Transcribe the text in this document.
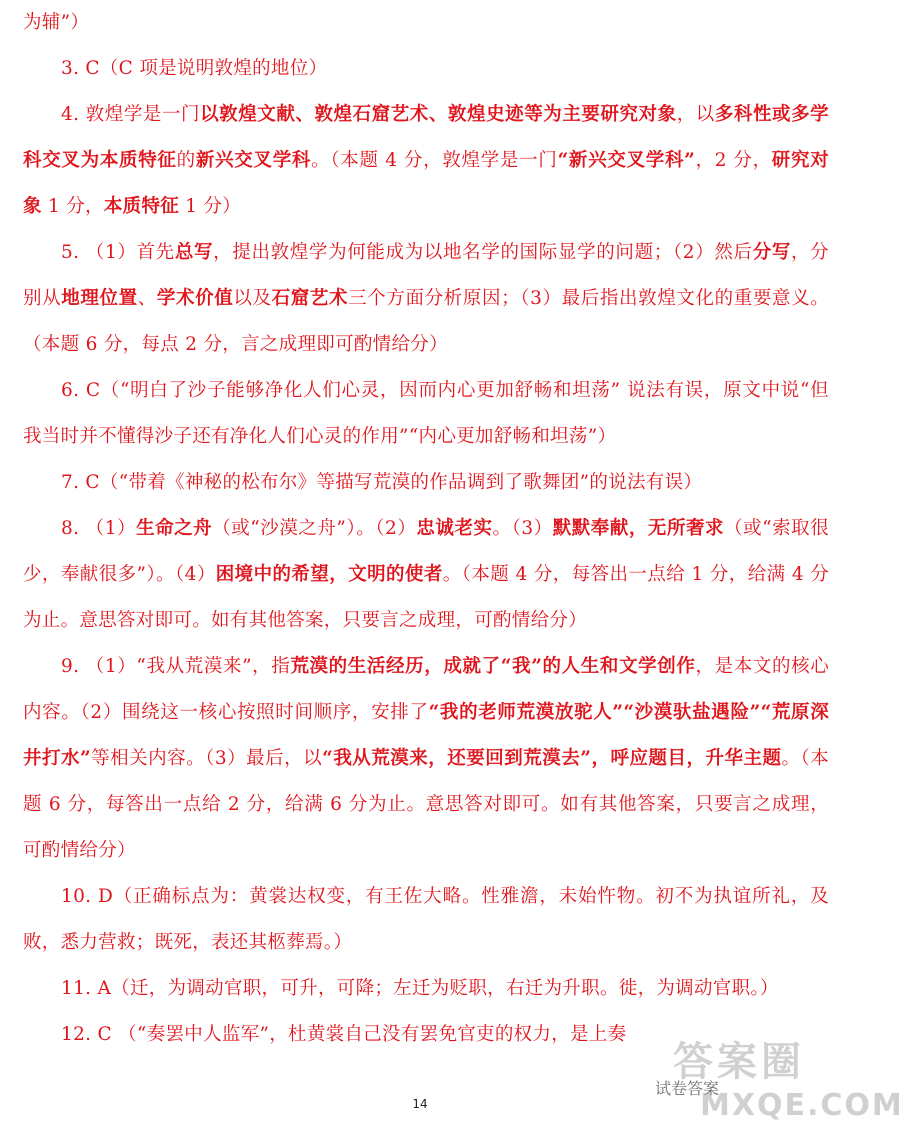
为辅”）

3. C（C 项是说明敦煌的地位）

4. 敦煌学是一门以敦煌文献、敦煌石窟艺术、敦煌史迹等为主要研究对象，以多科性或多学科交叉为本质特征的新兴交叉学科。（本题 4 分，敦煌学是一门“新兴交叉学科”，2 分，研究对象 1 分，本质特征 1 分）

5. （1）首先总写，提出敦煌学为何能成为以地名学的国际显学的问题；（2）然后分写，分别从地理位置、学术价值以及石窟艺术三个方面分析原因；（3）最后指出敦煌文化的重要意义。（本题 6 分，每点 2 分，言之成理即可酌情给分）

6. C（“明白了沙子能够净化人们心灵，因而内心更加舒畅和坦荡” 说法有误，原文中说“但我当时并不懂得沙子还有净化人们心灵的作用”“内心更加舒畅和坦荡”）

7. C（“带着《神秘的松布尔》等描写荒漠的作品调到了歌舞团”的说法有误）

8. （1）生命之舟（或“沙漠之舟”）。（2）忠诚老实。（3）默默奉献，无所奢求（或“索取很少，奉献很多”）。（4）困境中的希望，文明的使者。（本题 4 分，每答出一点给 1 分，给满 4 分为止。意思答对即可。如有其他答案，只要言之成理，可酌情给分）

9. （1）“我从荒漠来”，指荒漠的生活经历，成就了“我”的人生和文学创作，是本文的核心内容。（2）围绕这一核心按照时间顺序，安排了“我的老师荒漠放驼人”“沙漠驮盐遇险”“荒原深井打水”等相关内容。（3）最后，以“我从荒漠来，还要回到荒漠去”，呼应题目，升华主题。（本题 6 分，每答出一点给 2 分，给满 6 分为止。意思答对即可。如有其他答案，只要言之成理，可酌情给分）

10. D（正确标点为：黄裳达权变，有王佐大略。性雅澹，未始忤物。初不为执谊所礼，及败，悉力营救；既死，表还其柩葬焉。）

11. A（迁，为调动官职，可升，可降；左迁为贬职，右迁为升职。徙，为调动官职。）

12. C （“奏罢中人监军”，杜黄裳自己没有罢免官吏的权力，是上奏

14
答案圈
试卷答案
MXQE.COM
